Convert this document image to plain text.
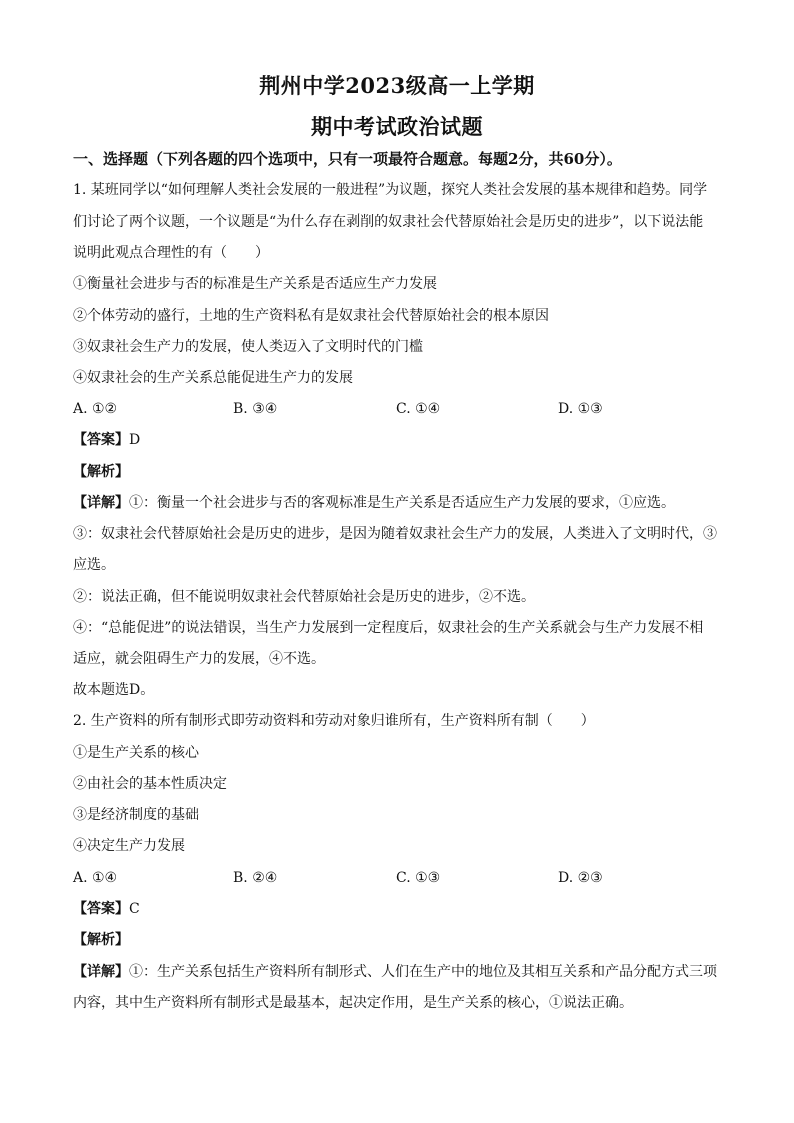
荆州中学2023级高一上学期
期中考试政治试题
一、选择题（下列各题的四个选项中，只有一项最符合题意。每题2分，共60分）。
1. 某班同学以“如何理解人类社会发展的一般进程”为议题，探究人类社会发展的基本规律和趋势。同学
们讨论了两个议题，一个议题是“为什么存在剥削的奴隶社会代替原始社会是历史的进步”，以下说法能
说明此观点合理性的有（　　）
①衡量社会进步与否的标准是生产关系是否适应生产力发展
②个体劳动的盛行，土地的生产资料私有是奴隶社会代替原始社会的根本原因
③奴隶社会生产力的发展，使人类迈入了文明时代的门槛
④奴隶社会的生产关系总能促进生产力的发展
A. ①②	B. ③④	C. ①④	D. ①③
【答案】D
【解析】
【详解】①：衡量一个社会进步与否的客观标准是生产关系是否适应生产力发展的要求，①应选。
③：奴隶社会代替原始社会是历史的进步，是因为随着奴隶社会生产力的发展，人类进入了文明时代，③
应选。
②：说法正确，但不能说明奴隶社会代替原始社会是历史的进步，②不选。
④：“总能促进”的说法错误，当生产力发展到一定程度后，奴隶社会的生产关系就会与生产力发展不相
适应，就会阻碍生产力的发展，④不选。
故本题选D。
2. 生产资料的所有制形式即劳动资料和劳动对象归谁所有，生产资料所有制（　　）
①是生产关系的核心
②由社会的基本性质决定
③是经济制度的基础
④决定生产力发展
A. ①④	B. ②④	C. ①③	D. ②③
【答案】C
【解析】
【详解】①：生产关系包括生产资料所有制形式、人们在生产中的地位及其相互关系和产品分配方式三项
内容，其中生产资料所有制形式是最基本，起决定作用，是生产关系的核心，①说法正确。
